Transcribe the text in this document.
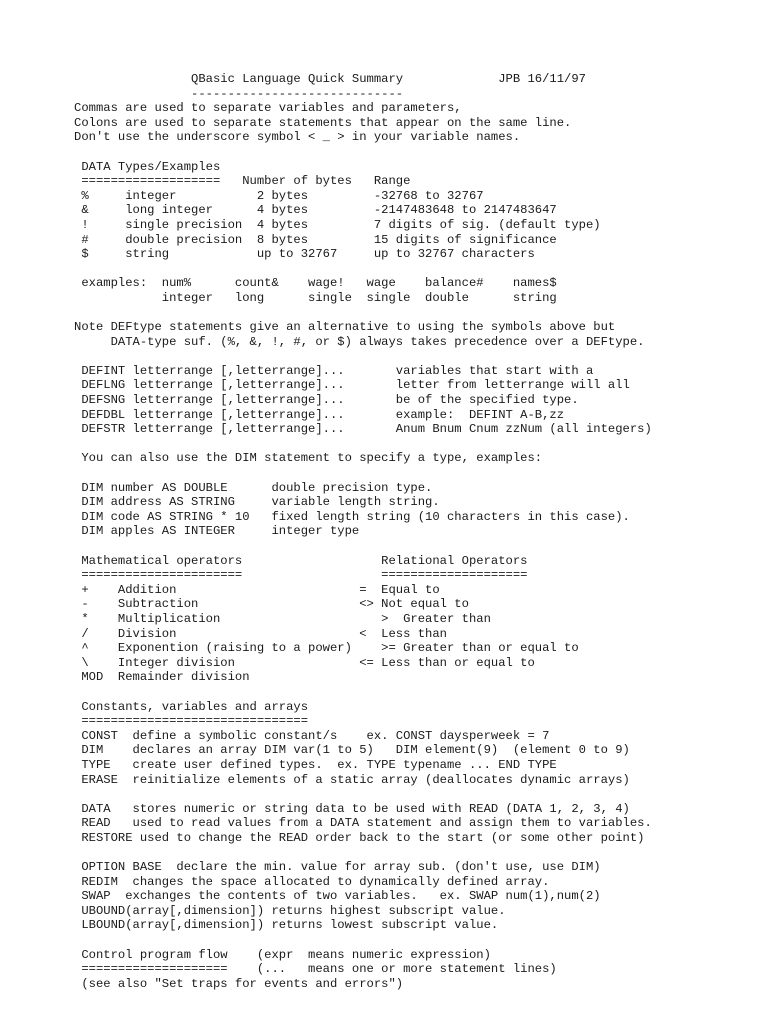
QBasic Language Quick Summary             JPB 16/11/97
-----------------------------
Commas are used to separate variables and parameters,
Colons are used to separate statements that appear on the same line.
Don't use the underscore symbol < _ > in your variable names.
DATA Types/Examples
===================   Number of bytes   Range
%     integer           2 bytes         -32768 to 32767
&     long integer      4 bytes         -2147483648 to 2147483647
!     single precision  4 bytes         7 digits of sig. (default type)
#     double precision  8 bytes         15 digits of significance
$     string            up to 32767     up to 32767 characters
examples:  num%      count&    wage!   wage    balance#    names$
integer   long      single  single  double      string
Note DEFtype statements give an alternative to using the symbols above but
DATA-type suf. (%, &, !, #, or $) always takes precedence over a DEFtype.
DEFINT letterrange [,letterrange]...       variables that start with a
DEFLNG letterrange [,letterrange]...       letter from letterrange will all
DEFSNG letterrange [,letterrange]...       be of the specified type.
DEFDBL letterrange [,letterrange]...       example:  DEFINT A-B,zz
DEFSTR letterrange [,letterrange]...       Anum Bnum Cnum zzNum (all integers)
You can also use the DIM statement to specify a type, examples:
DIM number AS DOUBLE      double precision type.
DIM address AS STRING     variable length string.
DIM code AS STRING * 10   fixed length string (10 characters in this case).
DIM apples AS INTEGER     integer type
Mathematical operators                   Relational Operators
======================                   ====================
+    Addition                         =  Equal to
-    Subtraction                      <> Not equal to
*    Multiplication                      >  Greater than
/    Division                         <  Less than
^    Exponention (raising to a power)    >= Greater than or equal to
\    Integer division                 <= Less than or equal to
MOD  Remainder division
Constants, variables and arrays
===============================
CONST  define a symbolic constant/s    ex. CONST daysperweek = 7
DIM    declares an array DIM var(1 to 5)   DIM element(9)  (element 0 to 9)
TYPE   create user defined types.  ex. TYPE typename ... END TYPE
ERASE  reinitialize elements of a static array (deallocates dynamic arrays)
DATA   stores numeric or string data to be used with READ (DATA 1, 2, 3, 4)
READ   used to read values from a DATA statement and assign them to variables.
RESTORE used to change the READ order back to the start (or some other point)
OPTION BASE  declare the min. value for array sub. (don't use, use DIM)
REDIM  changes the space allocated to dynamically defined array.
SWAP  exchanges the contents of two variables.   ex. SWAP num(1),num(2)
UBOUND(array[,dimension]) returns highest subscript value.
LBOUND(array[,dimension]) returns lowest subscript value.
Control program flow    (expr  means numeric expression)
====================    (...   means one or more statement lines)
(see also "Set traps for events and errors")
